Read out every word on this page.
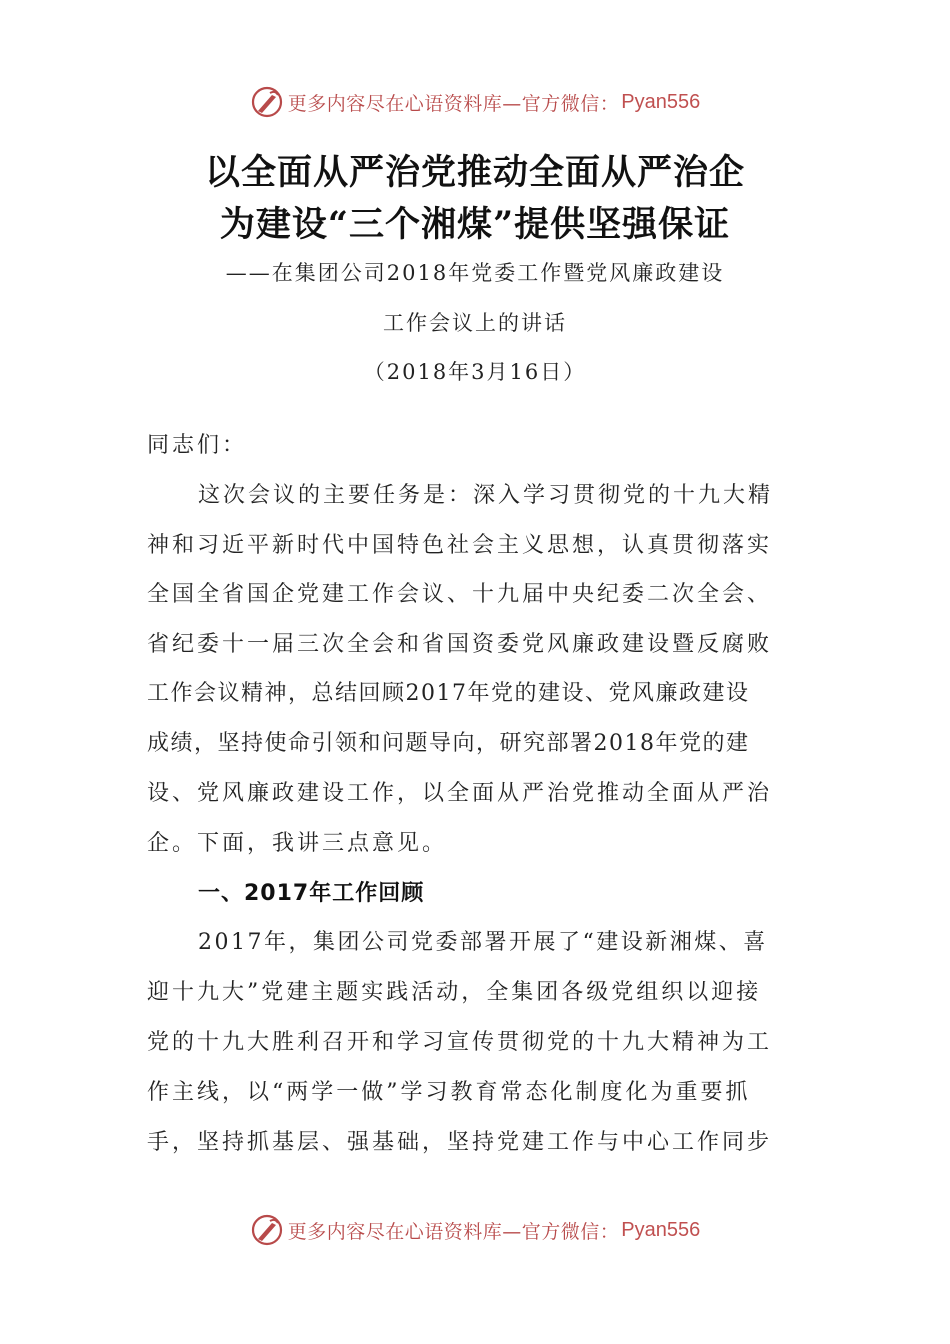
更多内容尽在心语资料库—官方微信： Pyan556
以全面从严治党推动全面从严治企
为建设“三个湘煤”提供坚强保证
——在集团公司2018年党委工作暨党风廉政建设
工作会议上的讲话
（2018年3月16日）
同志们：
这次会议的主要任务是：深入学习贯彻党的十九大精
神和习近平新时代中国特色社会主义思想，认真贯彻落实
全国全省国企党建工作会议、十九届中央纪委二次全会、
省纪委十一届三次全会和省国资委党风廉政建设暨反腐败
工作会议精神，总结回顾2017年党的建设、党风廉政建设
成绩，坚持使命引领和问题导向，研究部署2018年党的建
设、党风廉政建设工作，以全面从严治党推动全面从严治
企。下面，我讲三点意见。
一、2017年工作回顾
2017年，集团公司党委部署开展了“建设新湘煤、喜
迎十九大”党建主题实践活动，全集团各级党组织以迎接
党的十九大胜利召开和学习宣传贯彻党的十九大精神为工
作主线，以“两学一做”学习教育常态化制度化为重要抓
手，坚持抓基层、强基础，坚持党建工作与中心工作同步
更多内容尽在心语资料库—官方微信： Pyan556
